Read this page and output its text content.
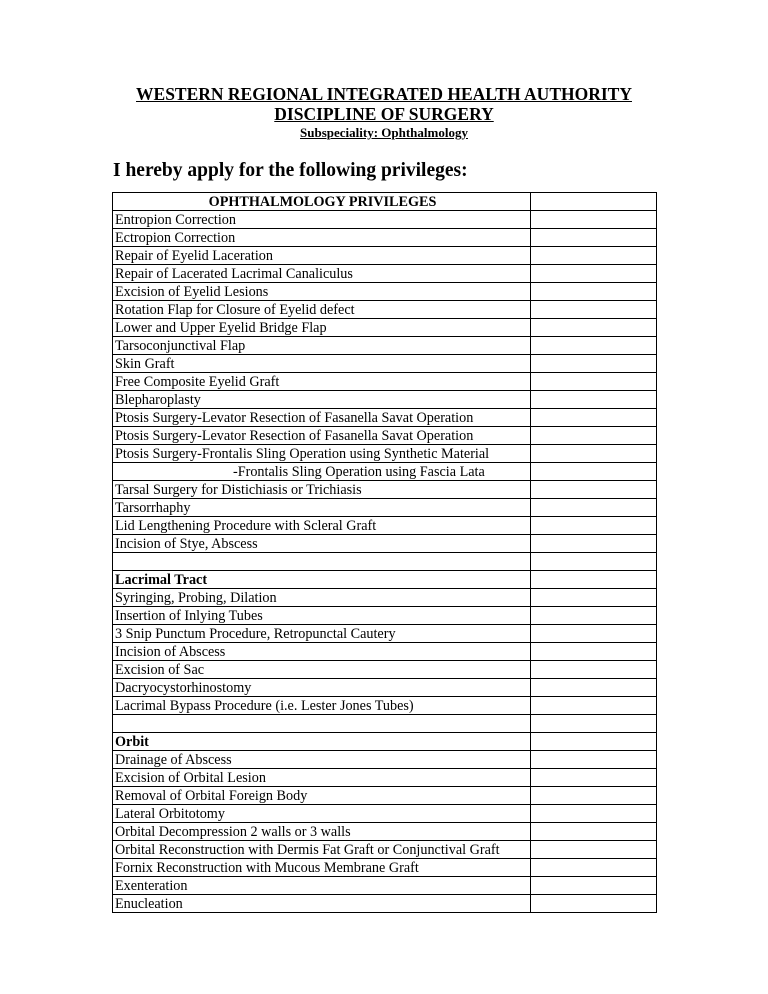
WESTERN REGIONAL INTEGRATED HEALTH AUTHORITY
DISCIPLINE OF SURGERY
Subspeciality: Ophthalmology
I hereby apply for the following privileges:
OPHTHALMOLOGY PRIVILEGES	
Entropion Correction	
Ectropion Correction	
Repair of Eyelid Laceration	
Repair of Lacerated Lacrimal Canaliculus	
Excision of Eyelid Lesions	
Rotation Flap for Closure of Eyelid defect	
Lower and Upper Eyelid Bridge Flap	
Tarsoconjunctival Flap	
Skin Graft	
Free Composite Eyelid Graft	
Blepharoplasty	
Ptosis Surgery-Levator Resection of Fasanella Savat Operation	
Ptosis Surgery-Levator Resection of Fasanella Savat Operation	
Ptosis Surgery-Frontalis Sling Operation using Synthetic Material	
-Frontalis Sling Operation using Fascia Lata	
Tarsal Surgery for Distichiasis or Trichiasis	
Tarsorrhaphy	
Lid Lengthening Procedure with Scleral Graft	
Incision of Stye, Abscess	

Lacrimal Tract	
Syringing, Probing, Dilation	
Insertion of Inlying Tubes	
3 Snip Punctum Procedure, Retropunctal Cautery	
Incision of Abscess	
Excision of Sac	
Dacryocystorhinostomy	
Lacrimal Bypass Procedure (i.e. Lester Jones Tubes)	

Orbit	
Drainage of Abscess	
Excision of Orbital Lesion	
Removal of Orbital Foreign Body	
Lateral Orbitotomy	
Orbital Decompression 2 walls or 3 walls	
Orbital Reconstruction with Dermis Fat Graft or Conjunctival Graft	
Fornix Reconstruction with Mucous Membrane Graft	
Exenteration	
Enucleation	
